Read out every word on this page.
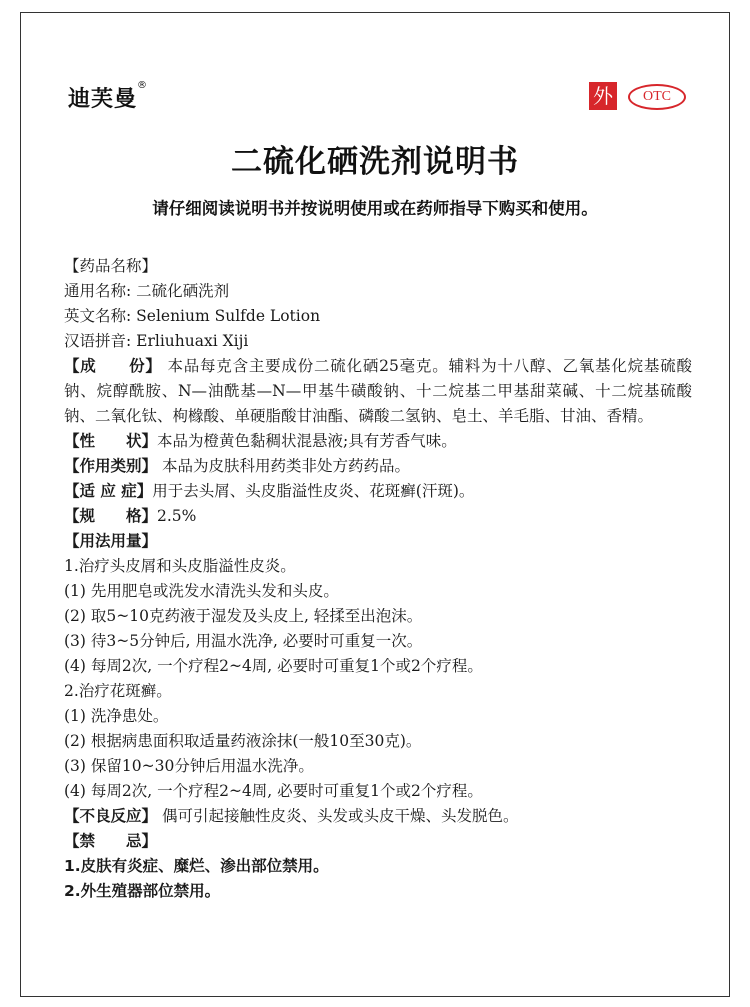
迪芙曼®	外	OTC
二硫化硒洗剂说明书
请仔细阅读说明书并按说明使用或在药师指导下购买和使用。
【药品名称】
通用名称: 二硫化硒洗剂
英文名称: Selenium Sulfde Lotion
汉语拼音: Erliuhuaxi Xiji
【成　　份】 本品每克含主要成份二硫化硒25毫克。辅料为十八醇、乙氧基化烷基硫酸钠、烷醇酰胺、N—油酰基—N—甲基牛磺酸钠、十二烷基二甲基甜菜碱、十二烷基硫酸钠、二氧化钛、枸橼酸、单硬脂酸甘油酯、磷酸二氢钠、皂土、羊毛脂、甘油、香精。
【性　　状】本品为橙黄色黏稠状混悬液;具有芳香气味。
【作用类别】 本品为皮肤科用药类非处方药药品。
【适 应 症】用于去头屑、头皮脂溢性皮炎、花斑癣(汗斑)。
【规　　格】2.5%
【用法用量】
1.治疗头皮屑和头皮脂溢性皮炎。
(1) 先用肥皂或洗发水清洗头发和头皮。
(2) 取5~10克药液于湿发及头皮上, 轻揉至出泡沫。
(3) 待3~5分钟后, 用温水洗净, 必要时可重复一次。
(4) 每周2次, 一个疗程2~4周, 必要时可重复1个或2个疗程。
2.治疗花斑癣。
(1) 洗净患处。
(2) 根据病患面积取适量药液涂抹(一般10至30克)。
(3) 保留10~30分钟后用温水洗净。
(4) 每周2次, 一个疗程2~4周, 必要时可重复1个或2个疗程。
【不良反应】 偶可引起接触性皮炎、头发或头皮干燥、头发脱色。
【禁　　忌】
1.皮肤有炎症、糜烂、渗出部位禁用。
2.外生殖器部位禁用。
